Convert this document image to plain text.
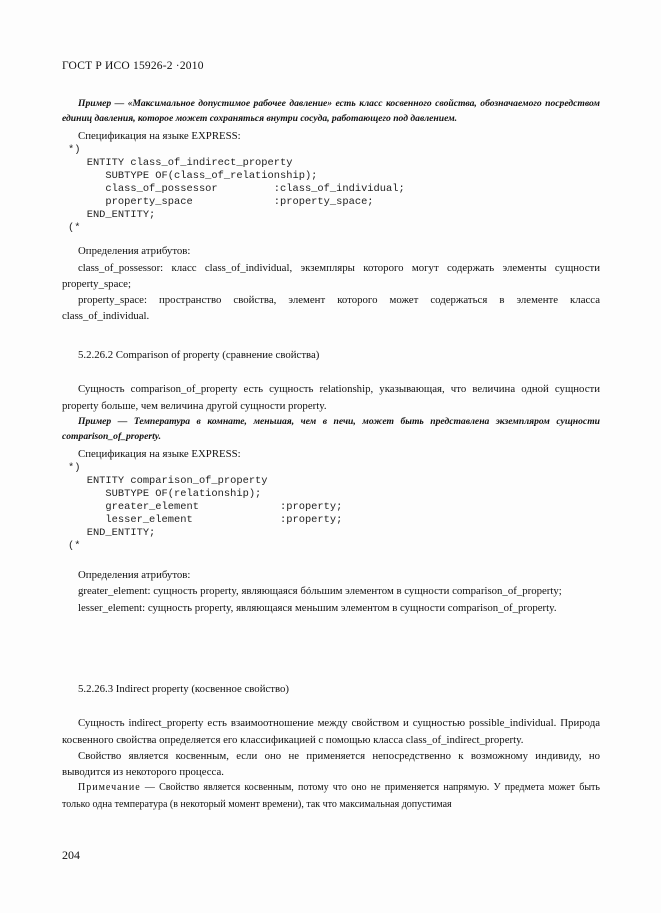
ГОСТ Р ИСО 15926-2 ·2010

Пример — «Максимальное допустимое рабочее давление» есть класс косвенного свойства, обозначаемого посредством единиц давления, которое может сохраняться внутри сосуда, работающего под давлением.

Спецификация на языке EXPRESS:

*)
ENTITY class_of_indirect_property
SUBTYPE OF(class_of_relationship);
class_of_possessor         :class_of_individual;
property_space             :property_space;
END_ENTITY;
(*

Определения атрибутов:

class_of_possessor: класс class_of_individual, экземпляры которого могут содержать элементы сущности property_space;

property_space: пространство свойства, элемент которого может содержаться в элементе класса class_of_individual.

5.2.26.2 Comparison of property (сравнение свойства)

Сущность comparison_of_property есть сущность relationship, указывающая, что величина одной сущности property больше, чем величина другой сущности property.

Пример — Температура в комнате, меньшая, чем в печи, может быть представлена экземпляром сущности comparison_of_property.

Спецификация на языке EXPRESS:

*)
ENTITY comparison_of_property
SUBTYPE OF(relationship);
greater_element             :property;
lesser_element              :property;
END_ENTITY;
(*

Определения атрибутов:

greater_element: сущность property, являющаяся бóльшим элементом в сущности comparison_of_property;

lesser_element: сущность property, являющаяся меньшим элементом в сущности comparison_of_property.

5.2.26.3 Indirect property (косвенное свойство)

Сущность indirect_property есть взаимоотношение между свойством и сущностью possible_individual. Природа косвенного свойства определяется его классификацией с помощью класса class_of_indirect_property.

Свойство является косвенным, если оно не применяется непосредственно к возможному индивиду, но выводится из некоторого процесса.

Примечание — Свойство является косвенным, потому что оно не применяется напрямую. У предмета может быть только одна температура (в некоторый момент времени), так что максимальная допустимая

204
